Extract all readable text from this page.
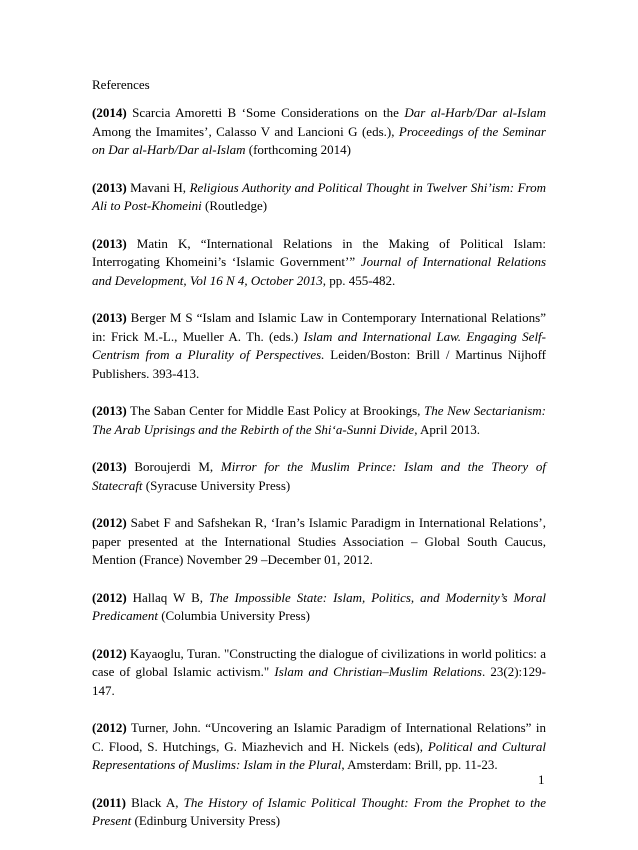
References

(2014) Scarcia Amoretti B ‘Some Considerations on the Dar al-Harb/Dar al-Islam Among the Imamites’, Calasso V and Lancioni G (eds.), Proceedings of the Seminar on Dar al-Harb/Dar al-Islam (forthcoming 2014)

(2013) Mavani H, Religious Authority and Political Thought in Twelver Shi’ism: From Ali to Post-Khomeini (Routledge)

(2013) Matin K, “International Relations in the Making of Political Islam: Interrogating Khomeini’s ‘Islamic Government’” Journal of International Relations and Development, Vol 16 N 4, October 2013, pp. 455-482.

(2013) Berger M S “Islam and Islamic Law in Contemporary International Relations” in: Frick M.-L., Mueller A. Th. (eds.) Islam and International Law. Engaging Self-Centrism from a Plurality of Perspectives. Leiden/Boston: Brill / Martinus Nijhoff Publishers. 393-413.

(2013) The Saban Center for Middle East Policy at Brookings, The New Sectarianism: The Arab Uprisings and the Rebirth of the Shi‘a-Sunni Divide, April 2013.

(2013) Boroujerdi M, Mirror for the Muslim Prince: Islam and the Theory of Statecraft (Syracuse University Press)

(2012) Sabet F and Safshekan R, ‘Iran’s Islamic Paradigm in International Relations’, paper presented at the International Studies Association – Global South Caucus, Mention (France) November 29 –December 01, 2012.

(2012) Hallaq W B, The Impossible State: Islam, Politics, and Modernity’s Moral Predicament (Columbia University Press)

(2012) Kayaoglu, Turan. "Constructing the dialogue of civilizations in world politics: a case of global Islamic activism." Islam and Christian–Muslim Relations. 23(2):129-147.

(2012) Turner, John. “Uncovering an Islamic Paradigm of International Relations” in C. Flood, S. Hutchings, G. Miazhevich and H. Nickels (eds), Political and Cultural Representations of Muslims: Islam in the Plural, Amsterdam: Brill, pp. 11-23.

(2011) Black A, The History of Islamic Political Thought: From the Prophet to the Present (Edinburg University Press)

1
